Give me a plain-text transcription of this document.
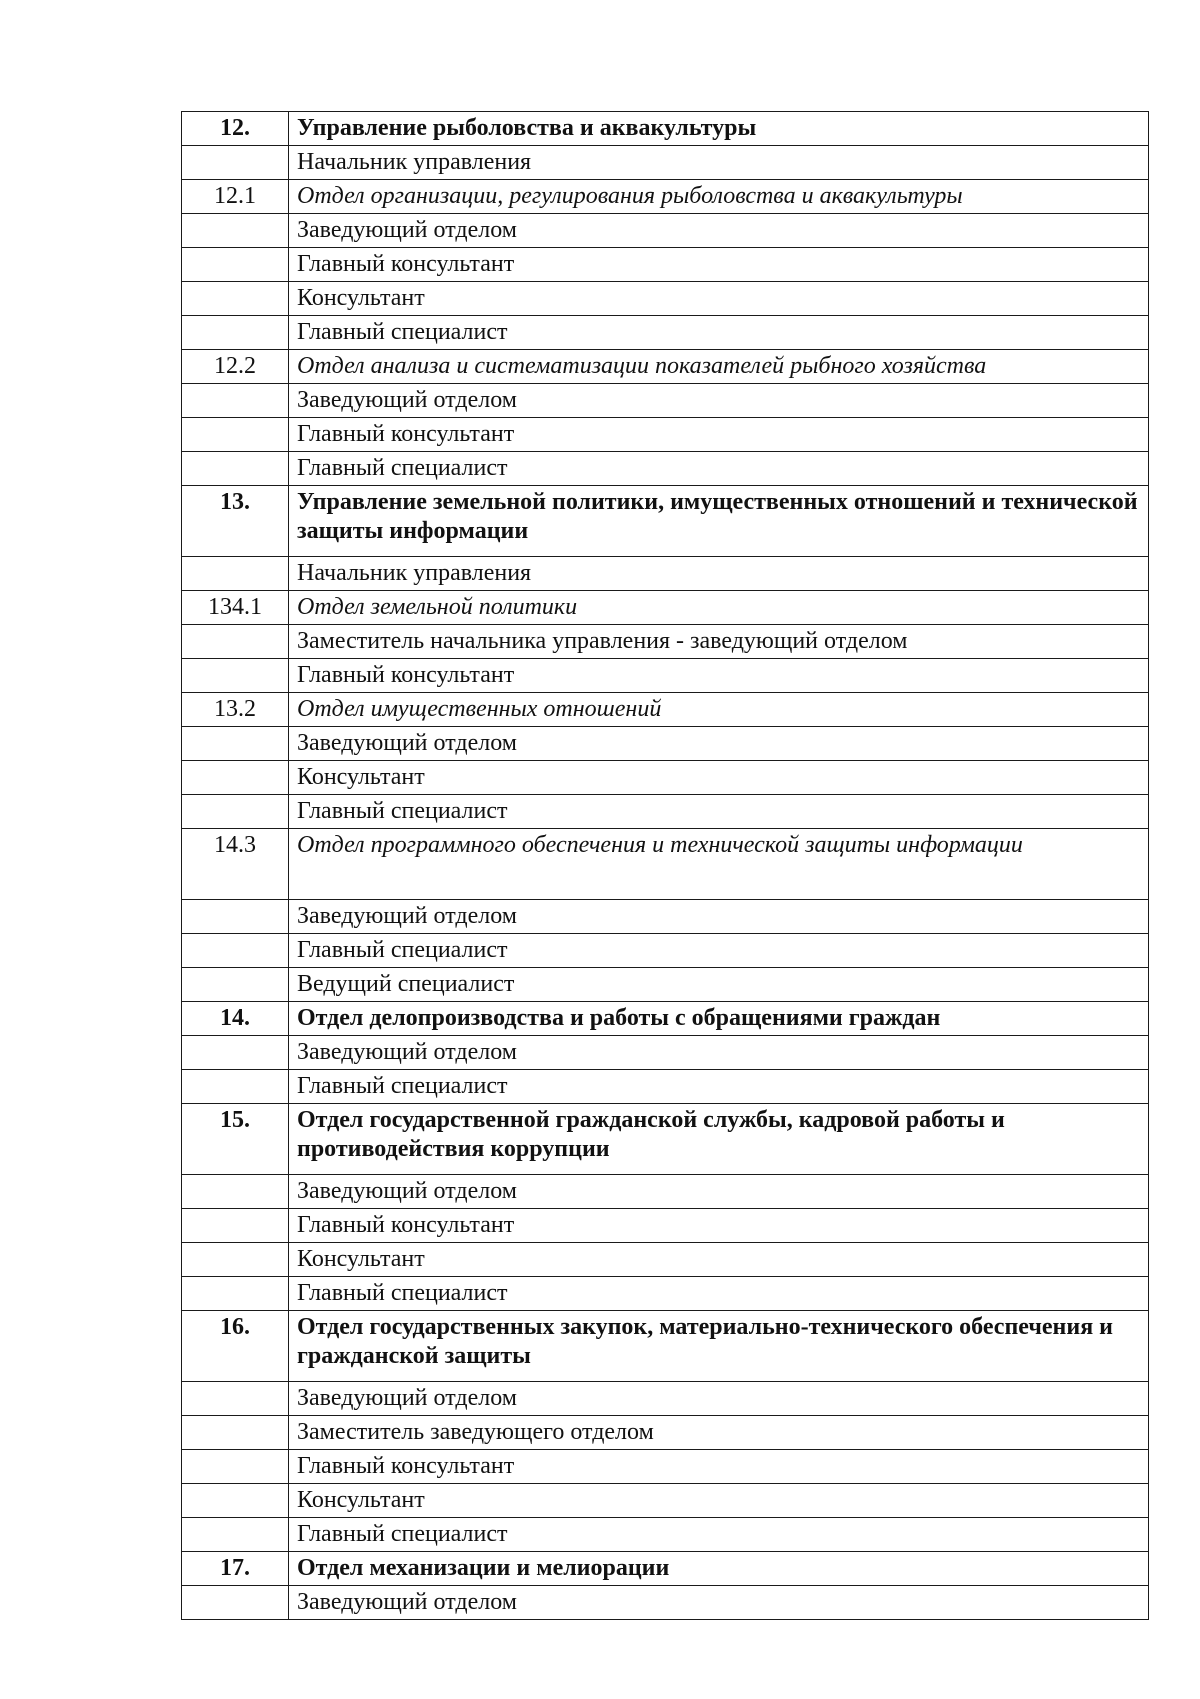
12.	Управление рыболовства и аквакультуры
	Начальник управления
12.1	Отдел организации, регулирования рыболовства и аквакультуры
	Заведующий отделом
	Главный консультант
	Консультант
	Главный специалист
12.2	Отдел анализа и систематизации показателей рыбного хозяйства
	Заведующий отделом
	Главный консультант
	Главный специалист
13.	Управление земельной политики, имущественных отношений и технической защиты информации
	Начальник управления
134.1	Отдел земельной политики
	Заместитель начальника управления - заведующий отделом
	Главный консультант
13.2	Отдел имущественных отношений
	Заведующий отделом
	Консультант
	Главный специалист
14.3	Отдел программного обеспечения и технической защиты информации
	Заведующий отделом
	Главный специалист
	Ведущий специалист
14.	Отдел делопроизводства и работы с обращениями граждан
	Заведующий отделом
	Главный специалист
15.	Отдел государственной гражданской службы, кадровой работы и противодействия коррупции
	Заведующий отделом
	Главный консультант
	Консультант
	Главный специалист
16.	Отдел государственных закупок, материально-технического обеспечения и гражданской защиты
	Заведующий отделом
	Заместитель заведующего отделом
	Главный консультант
	Консультант
	Главный специалист
17.	Отдел механизации и мелиорации
	Заведующий отделом
